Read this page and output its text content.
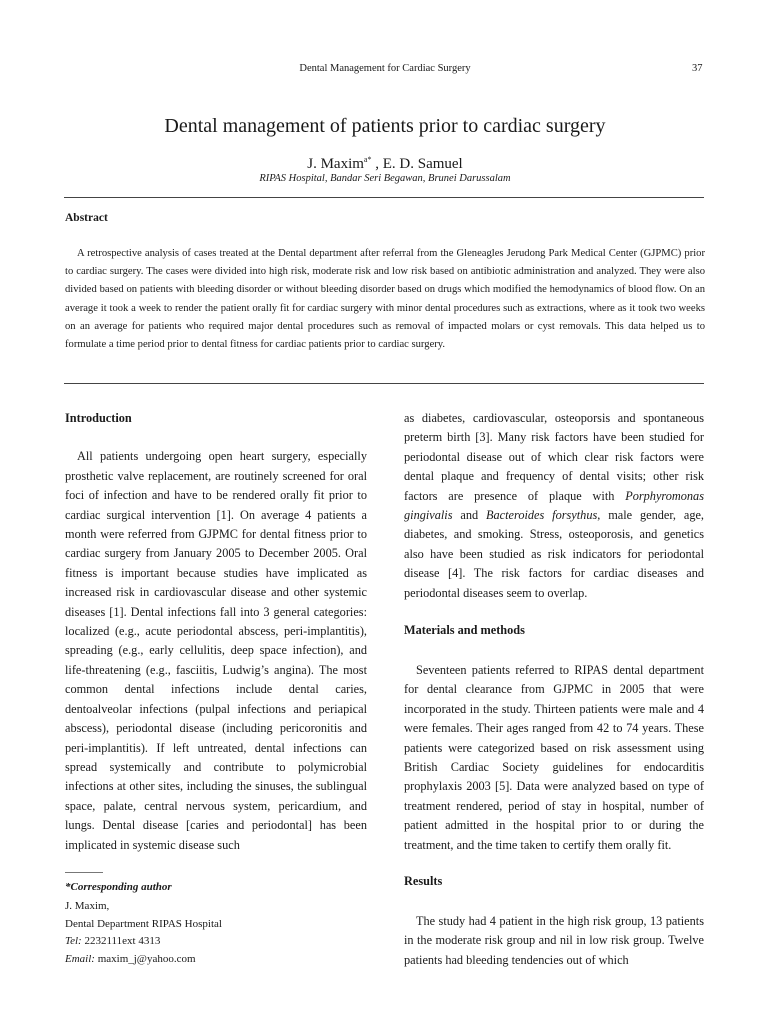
Dental Management for Cardiac Surgery	37
Dental management of patients prior to cardiac surgery
J. Maxim$^{a*}$ , E. D. Samuel
RIPAS Hospital, Bandar Seri Begawan, Brunei Darussalam
Abstract
A retrospective analysis of cases treated at the Dental department after referral from the Gleneagles Jerudong Park Medical Center (GJPMC) prior to cardiac surgery. The cases were divided into high risk, moderate risk and low risk based on antibiotic administration and analyzed. They were also divided based on patients with bleeding disorder or without bleeding disorder based on drugs which modified the hemodynamics of blood flow. On an average it took a week to render the patient orally fit for cardiac surgery with minor dental procedures such as extractions, where as it took two weeks on an average for patients who required major dental procedures such as removal of impacted molars or cyst removals. This data helped us to formulate a time period prior to dental fitness for cardiac patients prior to cardiac surgery.
Introduction
All patients undergoing open heart surgery, especially prosthetic valve replacement, are routinely screened for oral foci of infection and have to be rendered orally fit prior to cardiac surgical intervention [1]. On average 4 patients a month were referred from GJPMC for dental fitness prior to cardiac surgery from January 2005 to December 2005. Oral fitness is important because studies have implicated as increased risk in cardiovascular disease and other systemic diseases [1]. Dental infections fall into 3 general categories: localized (e.g., acute periodontal abscess, peri-implantitis), spreading (e.g., early cellulitis, deep space infection), and life-threatening (e.g., fasciitis, Ludwig’s angina). The most common dental infections include dental caries, dentoalveolar infections (pulpal infections and periapical abscess), periodontal disease (including pericoronitis and peri-implantitis). If left untreated, dental infections can spread systemically and contribute to polymicrobial infections at other sites, including the sinuses, the sublingual space, palate, central nervous system, pericardium, and lungs. Dental disease [caries and periodontal] has been implicated in systemic disease such
*Corresponding author
J. Maxim,
Dental Department RIPAS Hospital
Tel: 2232111ext 4313
Email: maxim_j@yahoo.com
as diabetes, cardiovascular, osteoporsis and spontaneous preterm birth [3]. Many risk factors have been studied for periodontal disease out of which clear risk factors were dental plaque and frequency of dental visits; other risk factors are presence of plaque with Porphyromonas gingivalis and Bacteroides forsythus, male gender, age, diabetes, and smoking. Stress, osteoporosis, and genetics also have been studied as risk indicators for periodontal disease [4]. The risk factors for cardiac diseases and periodontal diseases seem to overlap.
Materials and methods
Seventeen patients referred to RIPAS dental department for dental clearance from GJPMC in 2005 that were incorporated in the study. Thirteen patients were male and 4 were females. Their ages ranged from 42 to 74 years. These patients were categorized based on risk assessment using British Cardiac Society guidelines for endocarditis prophylaxis 2003 [5]. Data were analyzed based on type of treatment rendered, period of stay in hospital, number of patient admitted in the hospital prior to or during the treatment, and the time taken to certify them orally fit.
Results
The study had 4 patient in the high risk group, 13 patients in the moderate risk group and nil in low risk group. Twelve patients had bleeding tendencies out of which
